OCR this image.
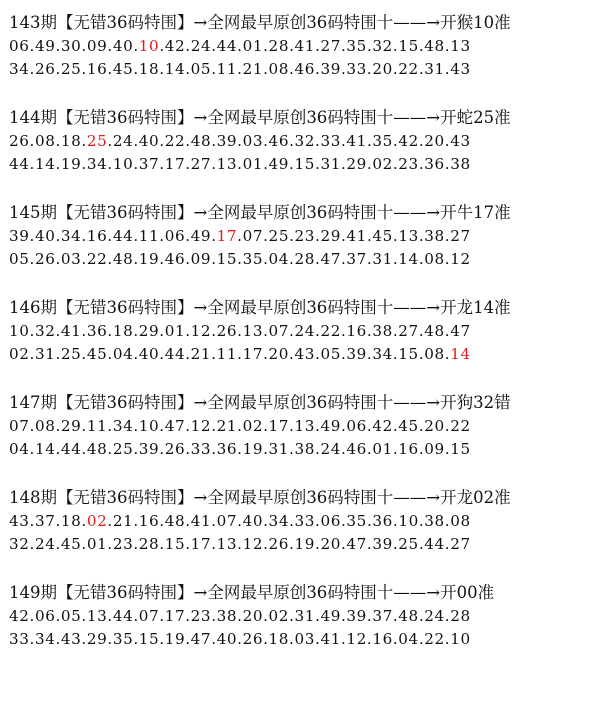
143期【无错36码特围】→全网最早原创36码特围十——→开猴10准
06.49.30.09.40.10.42.24.44.01.28.41.27.35.32.15.48.13
34.26.25.16.45.18.14.05.11.21.08.46.39.33.20.22.31.43
144期【无错36码特围】→全网最早原创36码特围十——→开蛇25准
26.08.18.25.24.40.22.48.39.03.46.32.33.41.35.42.20.43
44.14.19.34.10.37.17.27.13.01.49.15.31.29.02.23.36.38
145期【无错36码特围】→全网最早原创36码特围十——→开牛17准
39.40.34.16.44.11.06.49.17.07.25.23.29.41.45.13.38.27
05.26.03.22.48.19.46.09.15.35.04.28.47.37.31.14.08.12
146期【无错36码特围】→全网最早原创36码特围十——→开龙14准
10.32.41.36.18.29.01.12.26.13.07.24.22.16.38.27.48.47
02.31.25.45.04.40.44.21.11.17.20.43.05.39.34.15.08.14
147期【无错36码特围】→全网最早原创36码特围十——→开狗32错
07.08.29.11.34.10.47.12.21.02.17.13.49.06.42.45.20.22
04.14.44.48.25.39.26.33.36.19.31.38.24.46.01.16.09.15
148期【无错36码特围】→全网最早原创36码特围十——→开龙02准
43.37.18.02.21.16.48.41.07.40.34.33.06.35.36.10.38.08
32.24.45.01.23.28.15.17.13.12.26.19.20.47.39.25.44.27
149期【无错36码特围】→全网最早原创36码特围十——→开00准
42.06.05.13.44.07.17.23.38.20.02.31.49.39.37.48.24.28
33.34.43.29.35.15.19.47.40.26.18.03.41.12.16.04.22.10
